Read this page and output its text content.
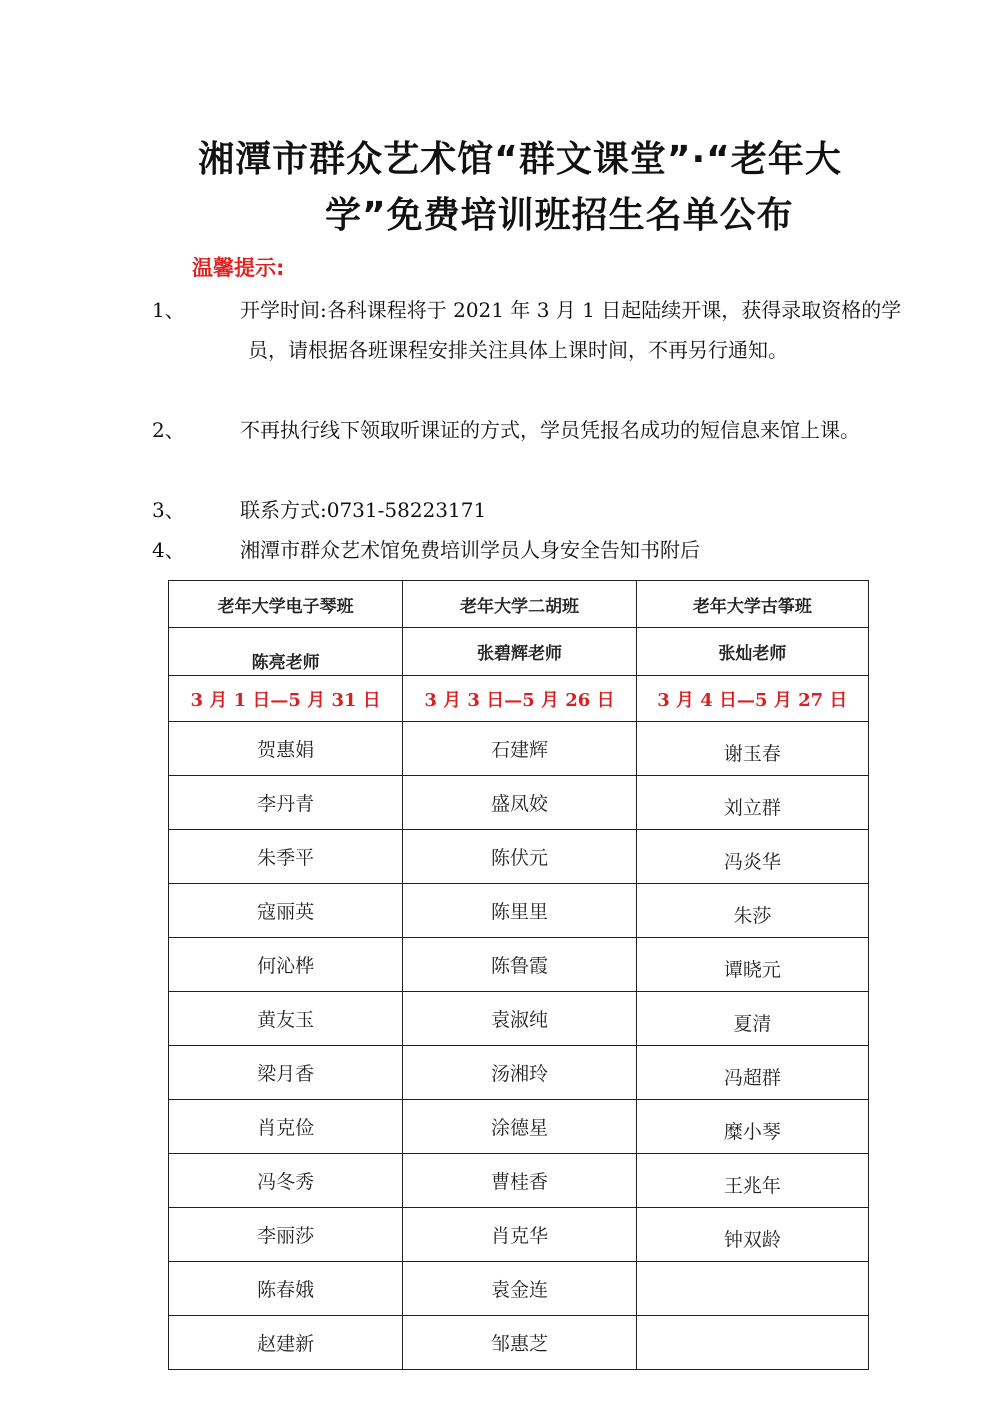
湘潭市群众艺术馆“群文课堂”·“老年大
学”免费培训班招生名单公布
温馨提示:
1、	开学时间:各科课程将于 2021 年 3 月 1 日起陆续开课，获得录取资格的学员，请根据各班课程安排关注具体上课时间，不再另行通知。
2、	不再执行线下领取听课证的方式，学员凭报名成功的短信息来馆上课。
3、	联系方式:0731-58223171
4、	湘潭市群众艺术馆免费培训学员人身安全告知书附后
老年大学电子琴班	老年大学二胡班	老年大学古筝班
陈亮老师	张碧辉老师	张灿老师
3 月 1 日—5 月 31 日	3 月 3 日—5 月 26 日	3 月 4 日—5 月 27 日
贺惠娟	石建辉	谢玉春
李丹青	盛凤姣	刘立群
朱季平	陈伏元	冯炎华
寇丽英	陈里里	朱莎
何沁桦	陈鲁霞	谭晓元
黄友玉	袁淑纯	夏清
梁月香	汤湘玲	冯超群
肖克俭	涂德星	糜小琴
冯冬秀	曹桂香	王兆年
李丽莎	肖克华	钟双龄
陈春娥	袁金连	
赵建新	邹惠芝	
